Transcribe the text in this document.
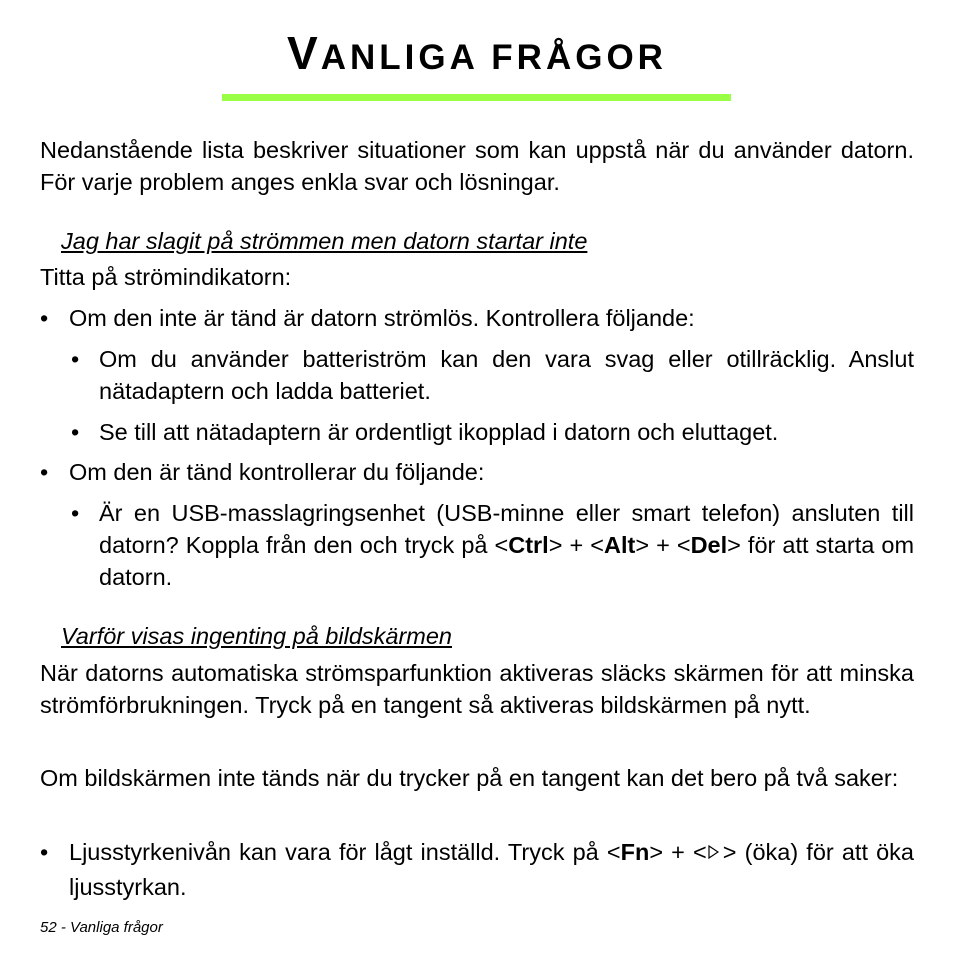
VANLIGA FRÅGOR

Nedanstående lista beskriver situationer som kan uppstå när du använder datorn. För varje problem anges enkla svar och lösningar.

Jag har slagit på strömmen men datorn startar inte

Titta på strömindikatorn:

• Om den inte är tänd är datorn strömlös. Kontrollera följande:

• Om du använder batteriström kan den vara svag eller otillräcklig. Anslut nätadaptern och ladda batteriet.

• Se till att nätadaptern är ordentligt ikopplad i datorn och eluttaget.

• Om den är tänd kontrollerar du följande:

• Är en USB-masslagringsenhet (USB-minne eller smart telefon) ansluten till datorn? Koppla från den och tryck på <Ctrl> + <Alt> + <Del> för att starta om datorn.

Varför visas ingenting på bildskärmen

När datorns automatiska strömsparfunktion aktiveras släcks skärmen för att minska strömförbrukningen. Tryck på en tangent så aktiveras bildskärmen på nytt.

Om bildskärmen inte tänds när du trycker på en tangent kan det bero på två saker:

• Ljusstyrkenivån kan vara för lågt inställd. Tryck på <Fn> + < > (öka) för att öka ljusstyrkan.

52 - Vanliga frågor
